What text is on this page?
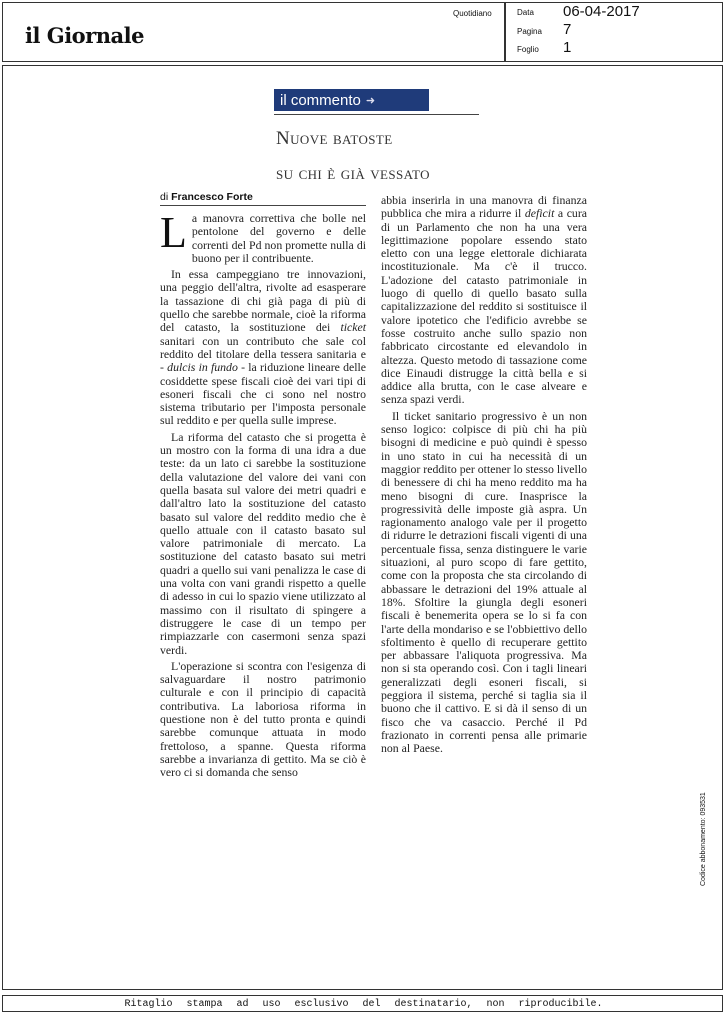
il Giornale
Quotidiano	Data 06-04-2017
Pagina 7
Foglio 1
il commento ➜
Nuove batoste
su chi è già vessato
di Francesco Forte

La manovra correttiva che bolle nel pentolone del governo e delle correnti del Pd non promette nulla di buono per il contribuente.

In essa campeggiano tre innovazioni, una peggio dell'altra, rivolte ad esasperare la tassazione di chi già paga di più di quello che sarebbe normale, cioè la riforma del catasto, la sostituzione dei ticket sanitari con un contributo che sale col reddito del titolare della tessera sanitaria e - dulcis in fundo - la riduzione lineare delle cosiddette spese fiscali cioè dei vari tipi di esoneri fiscali che ci sono nel nostro sistema tributario per l'imposta personale sul reddito e per quella sulle imprese.

La riforma del catasto che si progetta è un mostro con la forma di una idra a due teste: da un lato ci sarebbe la sostituzione della valutazione del valore dei vani con quella basata sul valore dei metri quadri e dall'altro lato la sostituzione del catasto basato sul valore del reddito medio che è quello attuale con il catasto basato sul valore patrimoniale di mercato. La sostituzione del catasto basato sui metri quadri a quello sui vani penalizza le case di una volta con vani grandi rispetto a quelle di adesso in cui lo spazio viene utilizzato al massimo con il risultato di spingere a distruggere le case di un tempo per rimpiazzarle con casermoni senza spazi verdi.

L'operazione si scontra con l'esigenza di salvaguardare il nostro patrimonio culturale e con il principio di capacità contributiva. La laboriosa riforma in questione non è del tutto pronta e quindi sarebbe comunque attuata in modo frettoloso, a spanne. Questa riforma sarebbe a invarianza di gettito. Ma se ciò è vero ci si domanda che senso

abbia inserirla in una manovra di finanza pubblica che mira a ridurre il deficit a cura di un Parlamento che non ha una vera legittimazione popolare essendo stato eletto con una legge elettorale dichiarata incostituzionale. Ma c'è il trucco. L'adozione del catasto patrimoniale in luogo di quello di quello basato sulla capitalizzazione del reddito si sostituisce il valore ipotetico che l'edificio avrebbe se fosse costruito anche sullo spazio non fabbricato circostante ed elevandolo in altezza. Questo metodo di tassazione come dice Einaudi distrugge la città bella e si addice alla brutta, con le case alveare e senza spazi verdi.

Il ticket sanitario progressivo è un non senso logico: colpisce di più chi ha più bisogni di medicine e può quindi è spesso in uno stato in cui ha necessità di un maggior reddito per ottener lo stesso livello di benessere di chi ha meno reddito ma ha meno bisogni di cure. Inasprisce la progressività delle imposte già aspra. Un ragionamento analogo vale per il progetto di ridurre le detrazioni fiscali vigenti di una percentuale fissa, senza distinguere le varie situazioni, al puro scopo di fare gettito, come con la proposta che sta circolando di abbassare le detrazioni del 19% attuale al 18%. Sfoltire la giungla degli esoneri fiscali è benemerita opera se lo si fa con l'arte della mondariso e se l'obbiettivo dello sfoltimento è quello di recuperare gettito per abbassare l'aliquota progressiva. Ma non si sta operando così. Con i tagli lineari generalizzati degli esoneri fiscali, si peggiora il sistema, perché si taglia sia il buono che il cattivo. E si dà il senso di un fisco che va casaccio. Perché il Pd frazionato in correnti pensa alle primarie non al Paese.

Codice abbonamento: 093531
Ritaglio stampa ad uso esclusivo del destinatario, non riproducibile.
